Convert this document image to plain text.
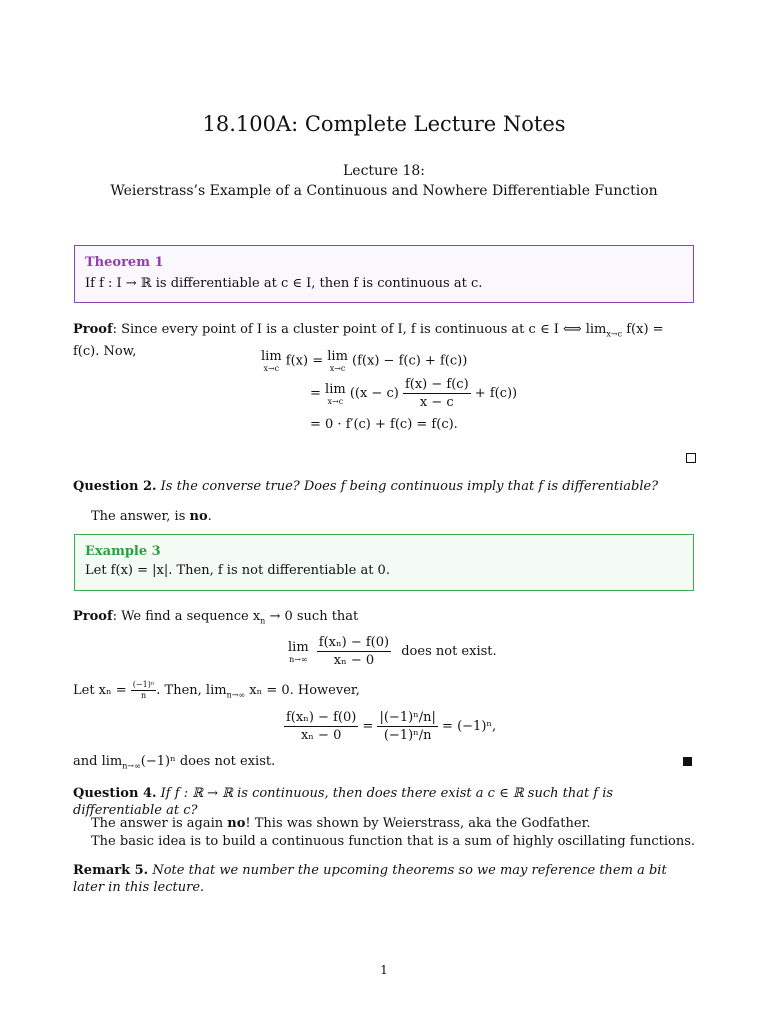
18.100A: Complete Lecture Notes
Lecture 18:
Weierstrass’s Example of a Continuous and Nowhere Differentiable Function
Theorem 1
If f : I → ℝ is differentiable at c ∈ I, then f is continuous at c.
Proof: Since every point of I is a cluster point of I, f is continuous at c ∈ I ⟺ $\lim_{x\to c} f(x) = f(c)$. Now,	lim
x→c f(x) = lim
x→c (f(x) − f(c) + f(c))
= lim
x→c $((x - c) \frac{f(x) - f(c)}{x - c} + f(c))$
= 0 · f′(c) + f(c) = f(c).
Question 2. Is the converse true? Does f being continuous imply that f is differentiable?
The answer, is no.
Example 3
Let f(x) = |x|. Then, f is not differentiable at 0.
Proof: We find a sequence $x_n \to 0$ such that
lim
n→∞
$\frac{\text{f(xₙ) − f(0)}}{\text{xₙ − 0}}$ does not exist.
Let $x_n = \frac{\text{(−1)ⁿ}}{n}$ . Then, $\lim_{n\to\infty} x_n = 0$. However,
$\frac{\text{f(xₙ) − f(0)}}{\text{xₙ − 0}} = \frac{\text{|(−1)ⁿ/n|}}{\text{(−1)ⁿ/n}} = (-1)^n$,
and $\lim_{n\to\infty}(-1)^n$ does not exist.
Question 4. If f : ℝ → ℝ is continuous, then does there exist a c ∈ ℝ such that f is differentiable at c?
The answer is again no! This was shown by Weierstrass, aka the Godfather.
The basic idea is to build a continuous function that is a sum of highly oscillating functions.
Remark 5. Note that we number the upcoming theorems so we may reference them a bit later in this lecture.
1
